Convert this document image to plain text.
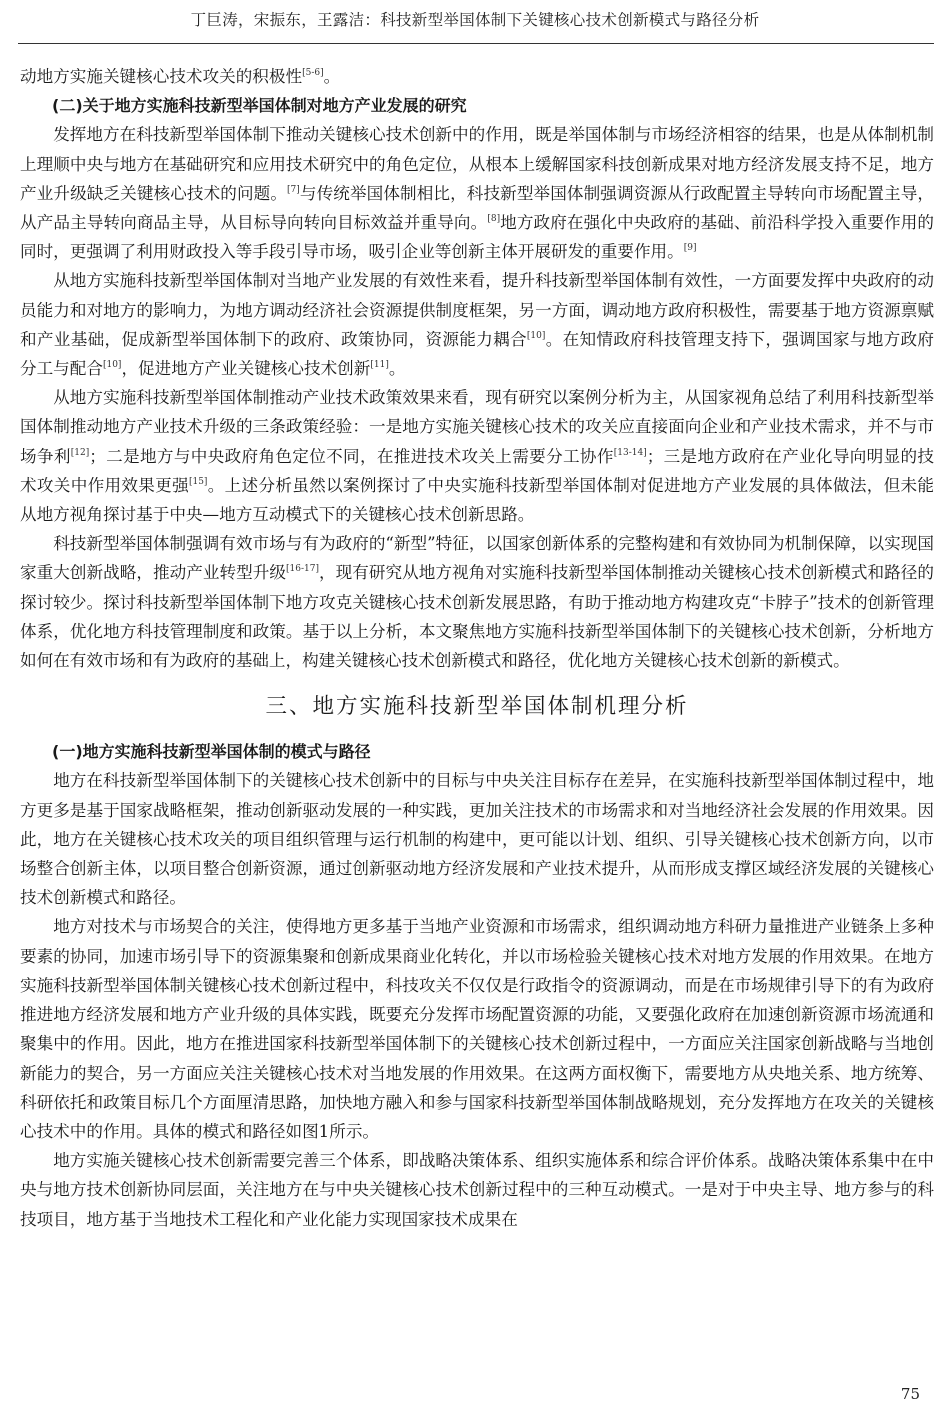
丁巨涛，宋振东，王露洁：科技新型举国体制下关键核心技术创新模式与路径分析

动地方实施关键核心技术攻关的积极性[5-6]。

(二)关于地方实施科技新型举国体制对地方产业发展的研究

发挥地方在科技新型举国体制下推动关键核心技术创新中的作用，既是举国体制与市场经济相容的结果，也是从体制机制上理顺中央与地方在基础研究和应用技术研究中的角色定位，从根本上缓解国家科技创新成果对地方经济发展支持不足，地方产业升级缺乏关键核心技术的问题。[7]与传统举国体制相比，科技新型举国体制强调资源从行政配置主导转向市场配置主导，从产品主导转向商品主导，从目标导向转向目标效益并重导向。[8]地方政府在强化中央政府的基础、前沿科学投入重要作用的同时，更强调了利用财政投入等手段引导市场，吸引企业等创新主体开展研发的重要作用。[9]

从地方实施科技新型举国体制对当地产业发展的有效性来看，提升科技新型举国体制有效性，一方面要发挥中央政府的动员能力和对地方的影响力，为地方调动经济社会资源提供制度框架，另一方面，调动地方政府积极性，需要基于地方资源禀赋和产业基础，促成新型举国体制下的政府、政策协同，资源能力耦合[10]。在知情政府科技管理支持下，强调国家与地方政府分工与配合[10]，促进地方产业关键核心技术创新[11]。

从地方实施科技新型举国体制推动产业技术政策效果来看，现有研究以案例分析为主，从国家视角总结了利用科技新型举国体制推动地方产业技术升级的三条政策经验：一是地方实施关键核心技术的攻关应直接面向企业和产业技术需求，并不与市场争利[12]；二是地方与中央政府角色定位不同，在推进技术攻关上需要分工协作[13-14]；三是地方政府在产业化导向明显的技术攻关中作用效果更强[15]。上述分析虽然以案例探讨了中央实施科技新型举国体制对促进地方产业发展的具体做法，但未能从地方视角探讨基于中央—地方互动模式下的关键核心技术创新思路。

科技新型举国体制强调有效市场与有为政府的“新型”特征，以国家创新体系的完整构建和有效协同为机制保障，以实现国家重大创新战略，推动产业转型升级[16-17]，现有研究从地方视角对实施科技新型举国体制推动关键核心技术创新模式和路径的探讨较少。探讨科技新型举国体制下地方攻克关键核心技术创新发展思路，有助于推动地方构建攻克“卡脖子”技术的创新管理体系，优化地方科技管理制度和政策。基于以上分析，本文聚焦地方实施科技新型举国体制下的关键核心技术创新，分析地方如何在有效市场和有为政府的基础上，构建关键核心技术创新模式和路径，优化地方关键核心技术创新的新模式。

三、地方实施科技新型举国体制机理分析

(一)地方实施科技新型举国体制的模式与路径

地方在科技新型举国体制下的关键核心技术创新中的目标与中央关注目标存在差异，在实施科技新型举国体制过程中，地方更多是基于国家战略框架，推动创新驱动发展的一种实践，更加关注技术的市场需求和对当地经济社会发展的作用效果。因此，地方在关键核心技术攻关的项目组织管理与运行机制的构建中，更可能以计划、组织、引导关键核心技术创新方向，以市场整合创新主体，以项目整合创新资源，通过创新驱动地方经济发展和产业技术提升，从而形成支撑区域经济发展的关键核心技术创新模式和路径。

地方对技术与市场契合的关注，使得地方更多基于当地产业资源和市场需求，组织调动地方科研力量推进产业链条上多种要素的协同，加速市场引导下的资源集聚和创新成果商业化转化，并以市场检验关键核心技术对地方发展的作用效果。在地方实施科技新型举国体制关键核心技术创新过程中，科技攻关不仅仅是行政指令的资源调动，而是在市场规律引导下的有为政府推进地方经济发展和地方产业升级的具体实践，既要充分发挥市场配置资源的功能，又要强化政府在加速创新资源市场流通和聚集中的作用。因此，地方在推进国家科技新型举国体制下的关键核心技术创新过程中，一方面应关注国家创新战略与当地创新能力的契合，另一方面应关注关键核心技术对当地发展的作用效果。在这两方面权衡下，需要地方从央地关系、地方统筹、科研依托和政策目标几个方面厘清思路，加快地方融入和参与国家科技新型举国体制战略规划，充分发挥地方在攻关的关键核心技术中的作用。具体的模式和路径如图1所示。

地方实施关键核心技术创新需要完善三个体系，即战略决策体系、组织实施体系和综合评价体系。战略决策体系集中在中央与地方技术创新协同层面，关注地方在与中央关键核心技术创新过程中的三种互动模式。一是对于中央主导、地方参与的科技项目，地方基于当地技术工程化和产业化能力实现国家技术成果在

75
